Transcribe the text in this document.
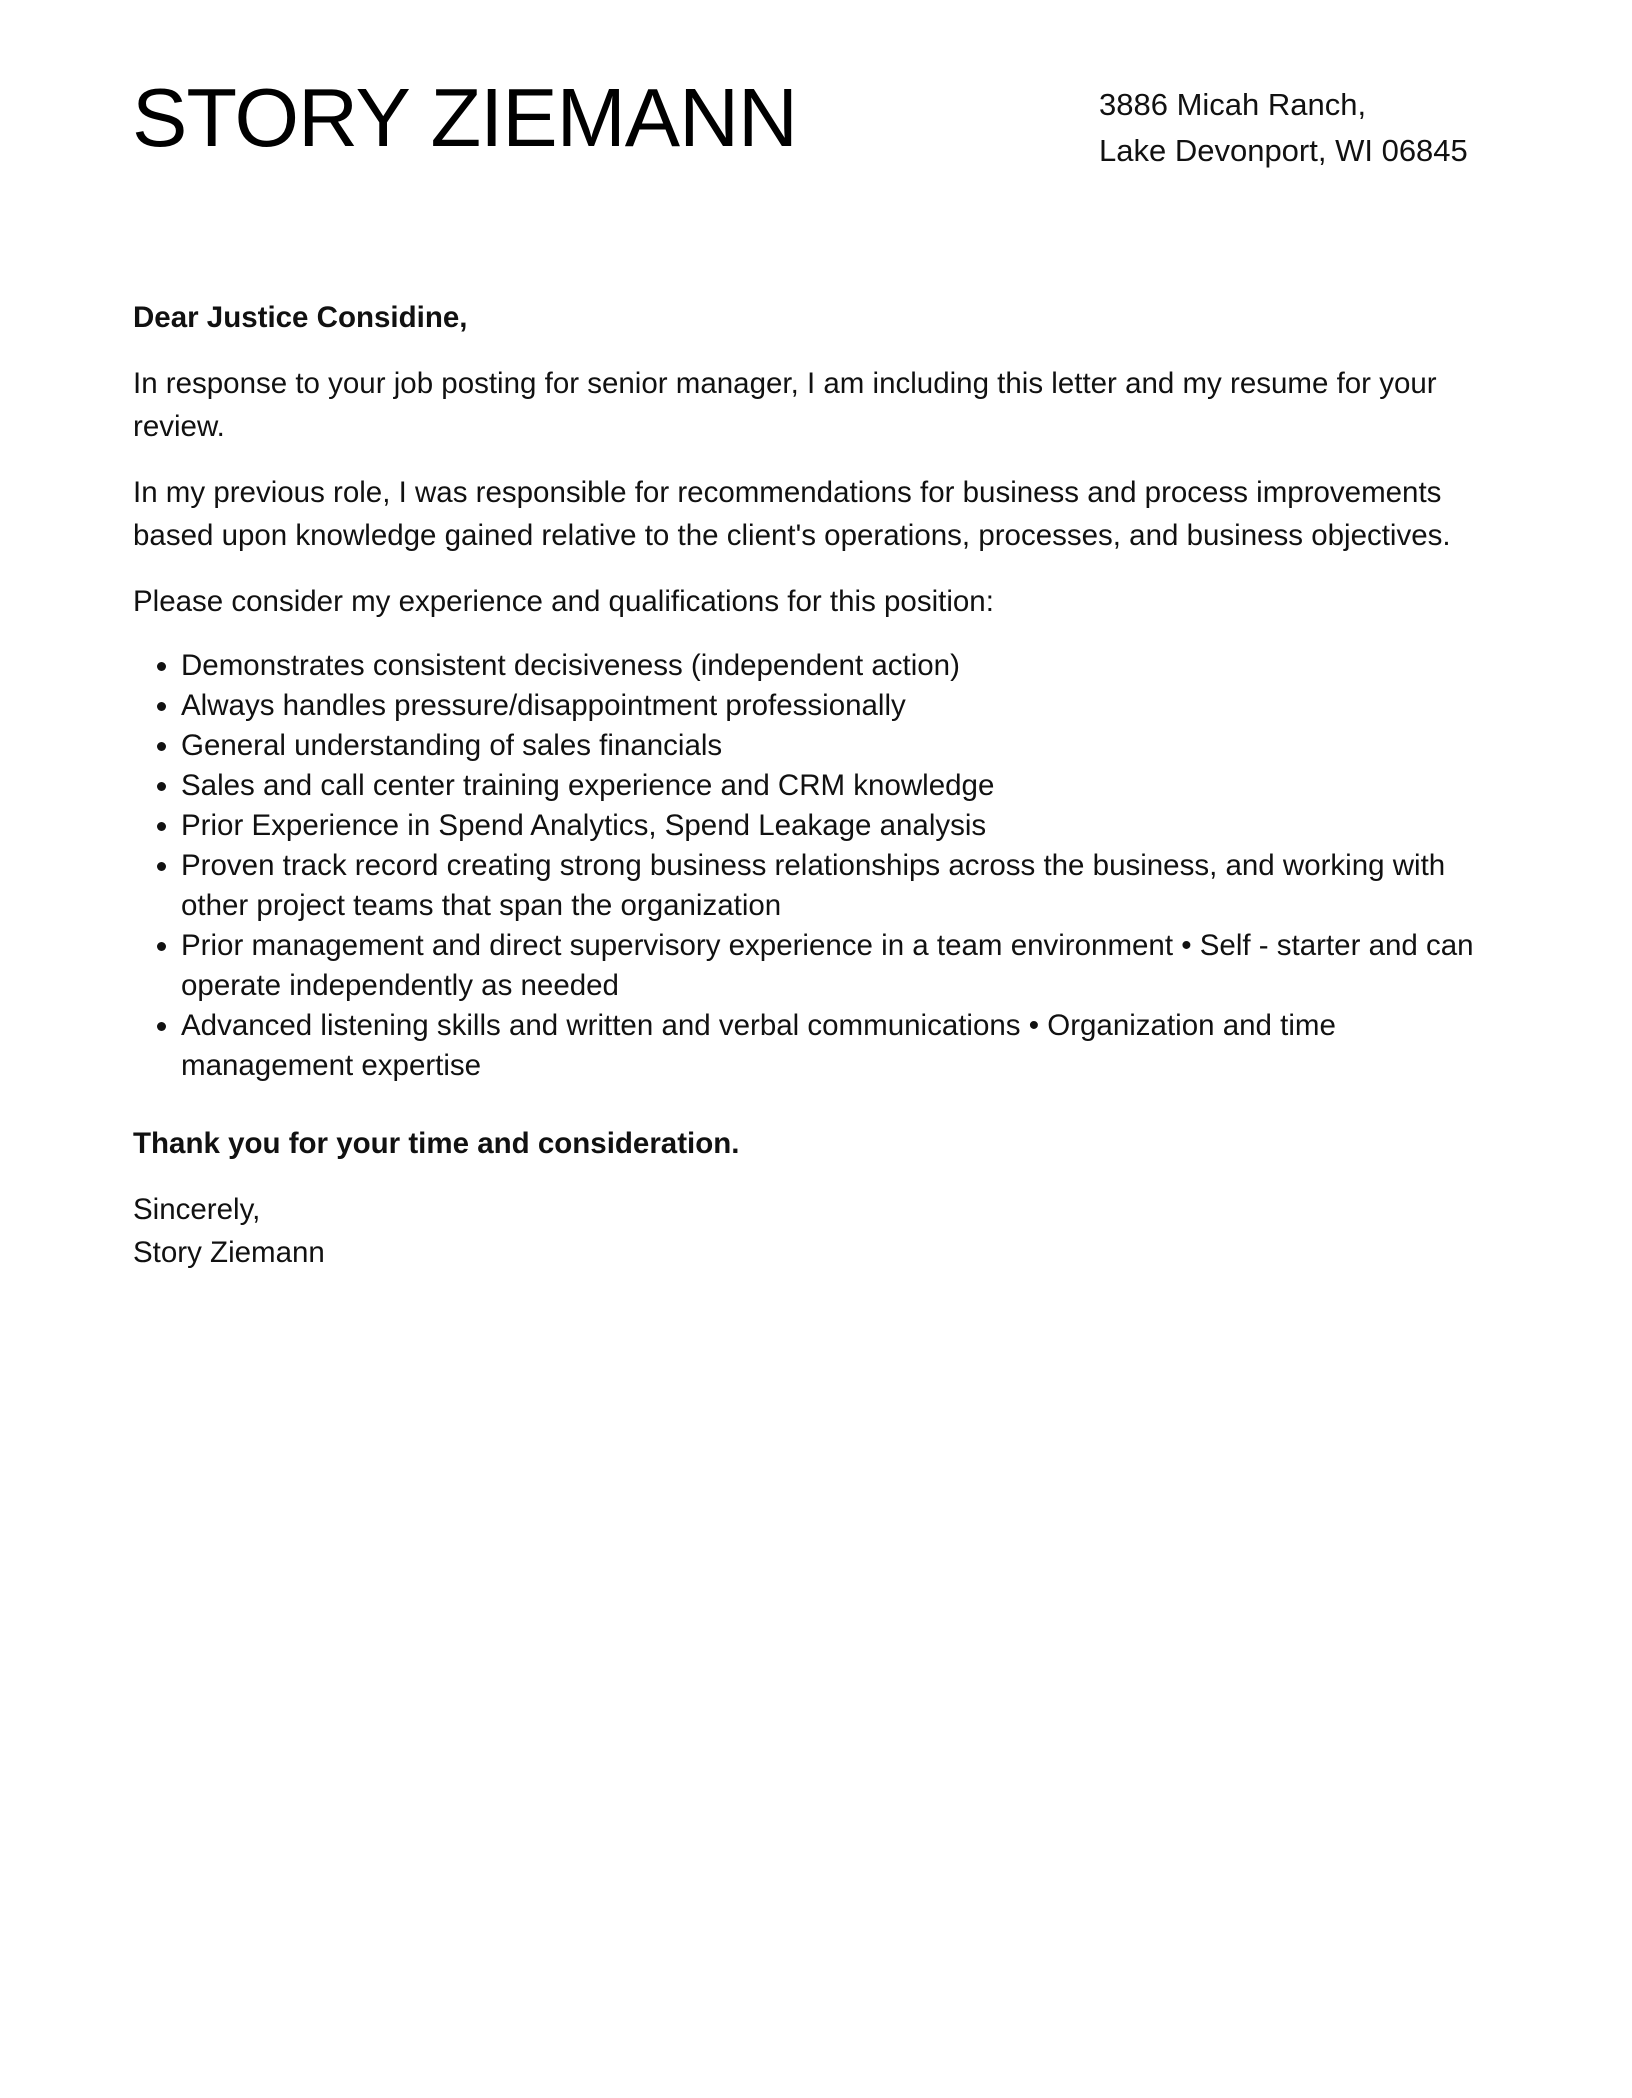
STORY ZIEMANN	3886 Micah Ranch,
Lake Devonport, WI 06845

Dear Justice Considine,

In response to your job posting for senior manager, I am including this letter and my resume for your review.

In my previous role, I was responsible for recommendations for business and process improvements based upon knowledge gained relative to the client's operations, processes, and business objectives.

Please consider my experience and qualifications for this position:

• Demonstrates consistent decisiveness (independent action)
• Always handles pressure/disappointment professionally
• General understanding of sales financials
• Sales and call center training experience and CRM knowledge
• Prior Experience in Spend Analytics, Spend Leakage analysis
• Proven track record creating strong business relationships across the business, and working with other project teams that span the organization
• Prior management and direct supervisory experience in a team environment • Self - starter and can operate independently as needed
• Advanced listening skills and written and verbal communications • Organization and time management expertise

Thank you for your time and consideration.

Sincerely,

Story Ziemann
